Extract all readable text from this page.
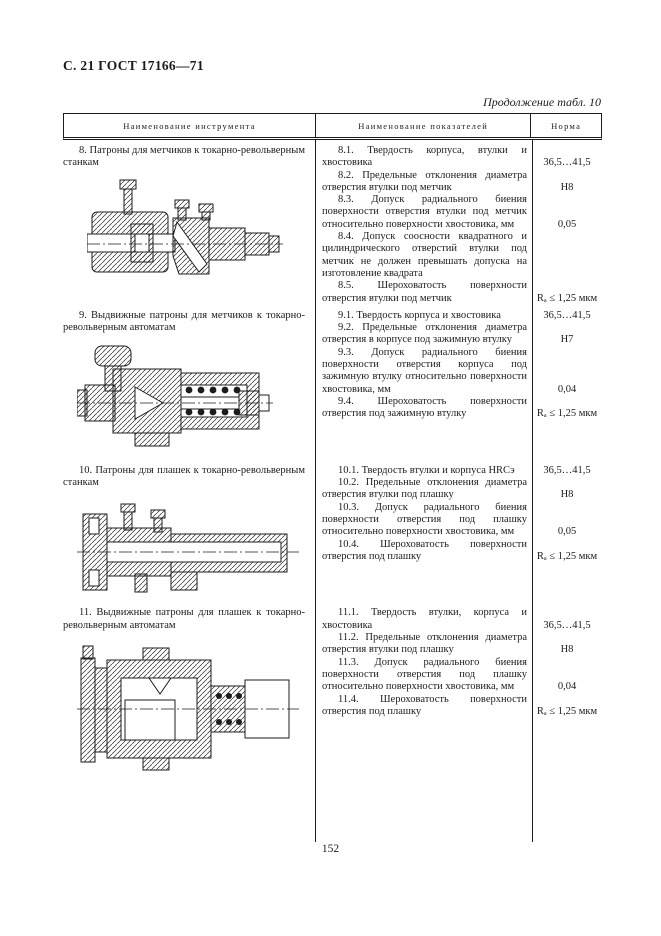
С. 21 ГОСТ 17166—71
Продолжение табл. 10
Наименование инструмента	Наименование показателей	Норма
8. Патроны для метчиков к токарно-револьверным станкам
8.1. Твердость корпуса, втулки и хвостовика	36,5…41,5
8.2. Предельные отклонения диаметра отверстия втулки под метчик	Н8
8.3. Допуск радиального биения поверхности отверстия втулки под метчик относительно поверхности хвостовика, мм	0,05
8.4. Допуск соосности квадратного и цилиндрического отверстий втулки под метчик не должен превышать допуска на изготовление квадрата
8.5. Шероховатость поверхности отверстия втулки под метчик	Rₐ ≤ 1,25 мкм
9. Выдвижные патроны для метчиков к токарно-револьверным автоматам
9.1. Твердость корпуса и хвостовика	36,5…41,5
9.2. Предельные отклонения диаметра отверстия в корпусе под зажимную втулку	Н7
9.3. Допуск радиального биения поверхности отверстия корпуса под зажимную втулку относительно поверхности хвостовика, мм	0,04
9.4. Шероховатость поверхности отверстия под зажимную втулку	Rₐ ≤ 1,25 мкм
10. Патроны для плашек к токарно-револьверным станкам
10.1. Твердость втулки и корпуса HRCэ	36,5…41,5
10.2. Предельные отклонения диаметра отверстия втулки под плашку	Н8
10.3. Допуск радиального биения поверхности отверстия под плашку относительно поверхности хвостовика, мм	0,05
10.4. Шероховатость поверхности отверстия под плашку	Rₐ ≤ 1,25 мкм
11. Выдвижные патроны для плашек к токарно-револьверным автоматам
11.1. Твердость втулки, корпуса и хвостовика	36,5…41,5
11.2. Предельные отклонения диаметра отверстия втулки под плашку	Н8
11.3. Допуск радиального биения поверхности отверстия под плашку относительно поверхности хвостовика, мм	0,04
11.4. Шероховатость поверхности отверстия под плашку	Rₐ ≤ 1,25 мкм
152
